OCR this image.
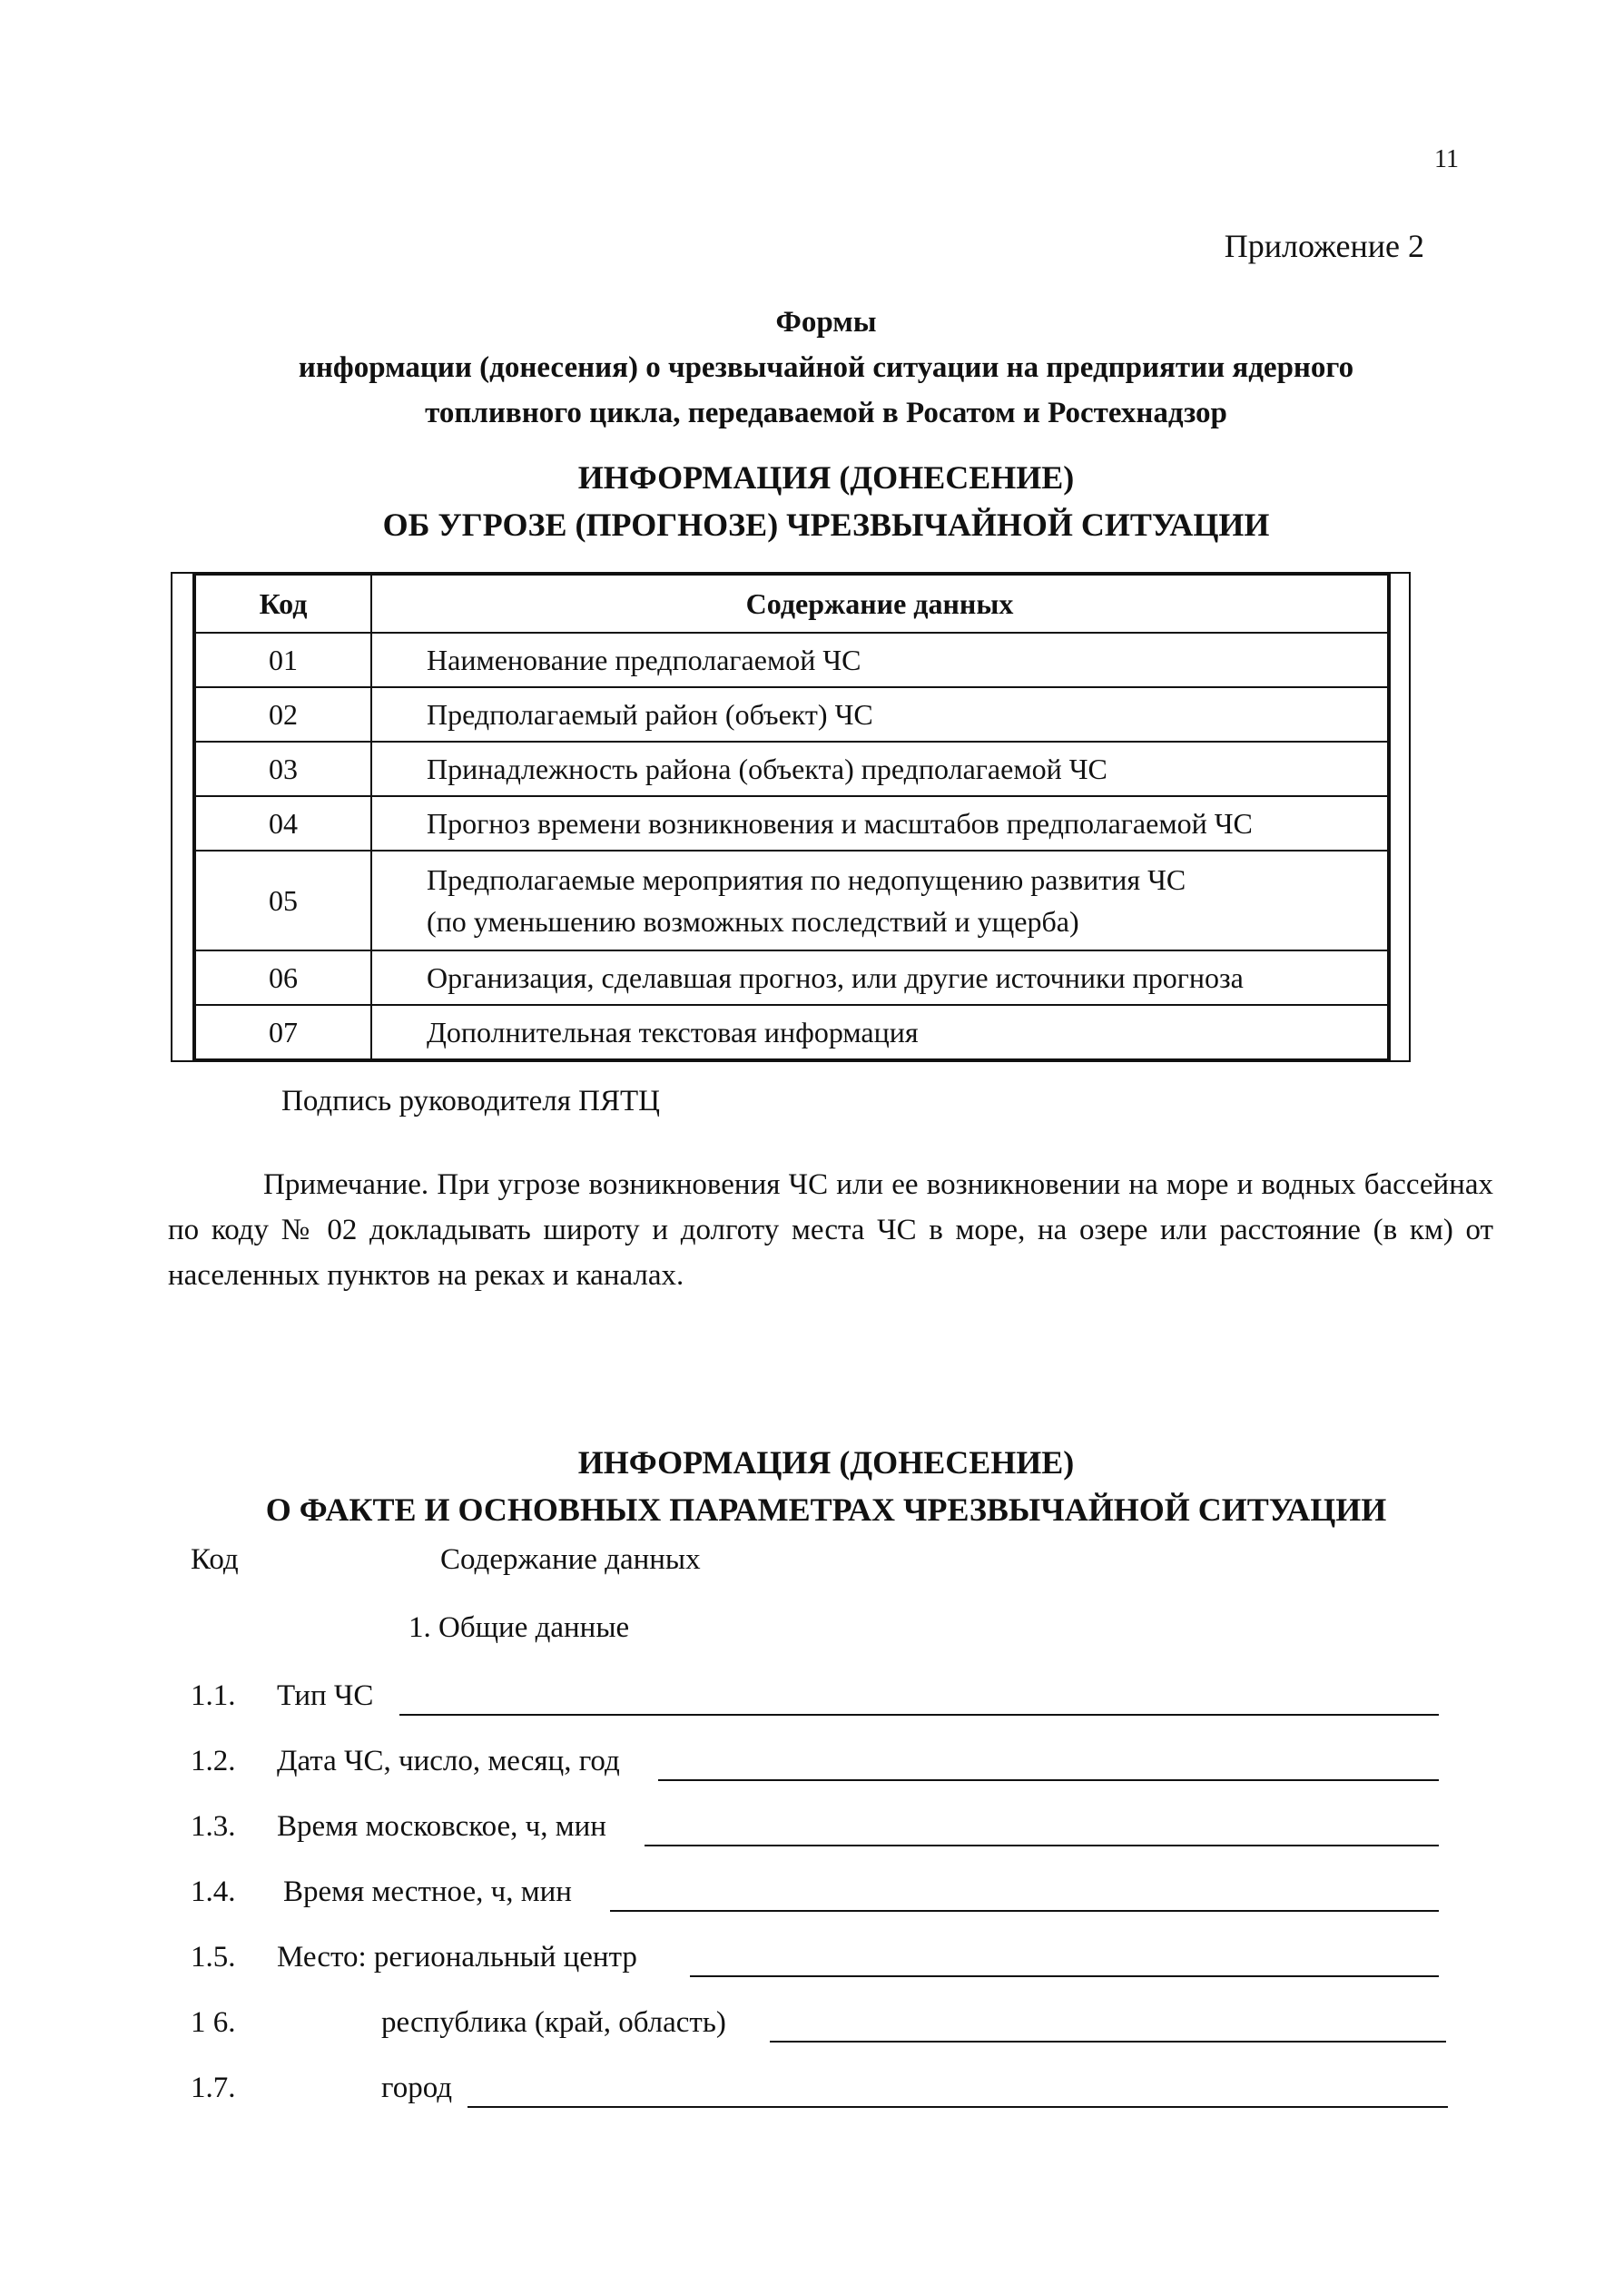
11
Приложение 2
Формы
информации (донесения) о чрезвычайной ситуации на предприятии ядерного
топливного цикла, передаваемой в Росатом и Ростехнадзор
ИНФОРМАЦИЯ (ДОНЕСЕНИЕ)
ОБ УГРОЗЕ (ПРОГНОЗЕ) ЧРЕЗВЫЧАЙНОЙ СИТУАЦИИ
Код	Содержание данных
01	Наименование предполагаемой ЧС
02	Предполагаемый район (объект) ЧС
03	Принадлежность района (объекта) предполагаемой ЧС
04	Прогноз времени возникновения и масштабов предполагаемой ЧС
05	Предполагаемые мероприятия по недопущению развития ЧС
(по уменьшению возможных последствий и ущерба)

06	Организация, сделавшая прогноз, или другие источники прогноза
07	Дополнительная текстовая информация
Подпись руководителя ПЯТЦ
Примечание. При угрозе возникновения ЧС или ее возникновении на море и водных бассейнах по коду № 02 докладывать широту и долготу места ЧС в море, на озере или расстояние (в км) от населенных пунктов на реках и каналах.
ИНФОРМАЦИЯ (ДОНЕСЕНИЕ)
О ФАКТЕ И ОСНОВНЫХ ПАРАМЕТРАХ ЧРЕЗВЫЧАЙНОЙ СИТУАЦИИ
Код	Содержание данных
1. Общие данные
1.1. Тип ЧС
1.2. Дата ЧС, число, месяц, год
1.3. Время московское, ч, мин
1.4. Время местное, ч, мин
1.5. Место: региональный центр
1 6.	республика (край, область)
1.7.	город
